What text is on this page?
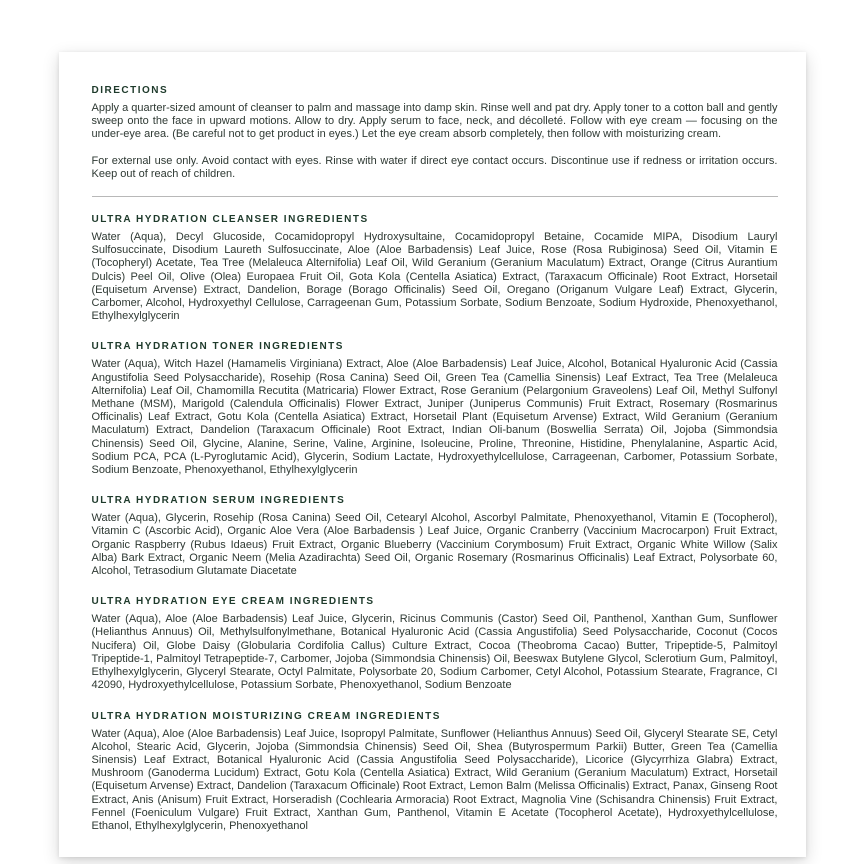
DIRECTIONS

Apply a quarter-sized amount of cleanser to palm and massage into damp skin. Rinse well and pat dry. Apply toner to a cotton ball and gently sweep onto the face in upward motions. Allow to dry. Apply serum to face, neck, and décolleté. Follow with eye cream — focusing on the under-eye area. (Be careful not to get product in eyes.) Let the eye cream absorb completely, then follow with moisturizing cream.

For external use only. Avoid contact with eyes. Rinse with water if direct eye contact occurs. Discontinue use if redness or irritation occurs. Keep out of reach of children.

ULTRA HYDRATION CLEANSER INGREDIENTS

Water (Aqua), Decyl Glucoside, Cocamidopropyl Hydroxysultaine, Cocamidopropyl Betaine, Cocamide MIPA, Disodium Lauryl Sulfosuccinate, Disodium Laureth Sulfosuccinate, Aloe (Aloe Barbadensis) Leaf Juice, Rose (Rosa Rubiginosa) Seed Oil, Vitamin E (Tocopheryl) Acetate, Tea Tree (Melaleuca Alternifolia) Leaf Oil, Wild Geranium (Geranium Maculatum) Extract, Orange (Citrus Aurantium Dulcis) Peel Oil, Olive (Olea) Europaea Fruit Oil, Gota Kola (Centella Asiatica) Extract, (Taraxacum Officinale) Root Extract, Horsetail (Equisetum Arvense) Extract, Dandelion, Borage (Borago Officinalis) Seed Oil, Oregano (Origanum Vulgare Leaf) Extract, Glycerin, Carbomer, Alcohol, Hydroxyethyl Cellulose, Carrageenan Gum, Potassium Sorbate, Sodium Benzoate, Sodium Hydroxide, Phenoxyethanol, Ethylhexylglycerin

ULTRA HYDRATION TONER INGREDIENTS

Water (Aqua), Witch Hazel (Hamamelis Virginiana) Extract, Aloe (Aloe Barbadensis) Leaf Juice, Alcohol, Botanical Hyaluronic Acid (Cassia Angustifolia Seed Polysaccharide), Rosehip (Rosa Canina) Seed Oil, Green Tea (Camellia Sinensis) Leaf Extract, Tea Tree (Melaleuca Alternifolia) Leaf Oil, Chamomilla Recutita (Matricaria) Flower Extract, Rose Geranium (Pelargonium Graveolens) Leaf Oil, Methyl Sulfonyl Methane (MSM), Marigold (Calendula Officinalis) Flower Extract, Juniper (Juniperus Communis) Fruit Extract, Rosemary (Rosmarinus Officinalis) Leaf Extract, Gotu Kola (Centella Asiatica) Extract, Horsetail Plant (Equisetum Arvense) Extract, Wild Geranium (Geranium Maculatum) Extract, Dandelion (Taraxacum Officinale) Root Extract, Indian Oli-banum (Boswellia Serrata) Oil, Jojoba (Simmondsia Chinensis) Seed Oil, Glycine, Alanine, Serine, Valine, Arginine, Isoleucine, Proline, Threonine, Histidine, Phenylalanine, Aspartic Acid, Sodium PCA, PCA (L-Pyroglutamic Acid), Glycerin, Sodium Lactate, Hydroxyethylcellulose, Carrageenan, Carbomer, Potassium Sorbate, Sodium Benzoate, Phenoxyethanol, Ethylhexylglycerin

ULTRA HYDRATION SERUM INGREDIENTS

Water (Aqua), Glycerin, Rosehip (Rosa Canina) Seed Oil, Cetearyl Alcohol, Ascorbyl Palmitate, Phenoxyethanol, Vitamin E (Tocopherol), Vitamin C (Ascorbic Acid), Organic Aloe Vera (Aloe Barbadensis ) Leaf Juice, Organic Cranberry (Vaccinium Macrocarpon) Fruit Extract, Organic Raspberry (Rubus Idaeus) Fruit Extract, Organic Blueberry (Vaccinium Corymbosum) Fruit Extract, Organic White Willow (Salix Alba) Bark Extract, Organic Neem (Melia Azadirachta) Seed Oil, Organic Rosemary (Rosmarinus Officinalis) Leaf Extract, Polysorbate 60, Alcohol, Tetrasodium Glutamate Diacetate

ULTRA HYDRATION EYE CREAM INGREDIENTS

Water (Aqua), Aloe (Aloe Barbadensis) Leaf Juice, Glycerin, Ricinus Communis (Castor) Seed Oil, Panthenol, Xanthan Gum, Sunflower (Helianthus Annuus) Oil, Methylsulfonylmethane, Botanical Hyaluronic Acid (Cassia Angustifolia) Seed Polysaccharide, Coconut (Cocos Nucifera) Oil, Globe Daisy (Globularia Cordifolia Callus) Culture Extract, Cocoa (Theobroma Cacao) Butter, Tripeptide-5, Palmitoyl Tripeptide-1, Palmitoyl Tetrapeptide-7, Carbomer, Jojoba (Simmondsia Chinensis) Oil, Beeswax Butylene Glycol, Sclerotium Gum, Palmitoyl, Ethylhexylglycerin, Glyceryl Stearate, Octyl Palmitate, Polysorbate 20, Sodium Carbomer, Cetyl Alcohol, Potassium Stearate, Fragrance, CI 42090, Hydroxyethylcellulose, Potassium Sorbate, Phenoxyethanol, Sodium Benzoate

ULTRA HYDRATION MOISTURIZING CREAM INGREDIENTS

Water (Aqua), Aloe (Aloe Barbadensis) Leaf Juice, Isopropyl Palmitate, Sunflower (Helianthus Annuus) Seed Oil, Glyceryl Stearate SE, Cetyl Alcohol, Stearic Acid, Glycerin, Jojoba (Simmondsia Chinensis) Seed Oil, Shea (Butyrospermum Parkii) Butter, Green Tea (Camellia Sinensis) Leaf Extract, Botanical Hyaluronic Acid (Cassia Angustifolia Seed Polysaccharide), Licorice (Glycyrrhiza Glabra) Extract, Mushroom (Ganoderma Lucidum) Extract, Gotu Kola (Centella Asiatica) Extract, Wild Geranium (Geranium Maculatum) Extract, Horsetail (Equisetum Arvense) Extract, Dandelion (Taraxacum Officinale) Root Extract, Lemon Balm (Melissa Officinalis) Extract, Panax, Ginseng Root Extract, Anis (Anisum) Fruit Extract, Horseradish (Cochlearia Armoracia) Root Extract, Magnolia Vine (Schisandra Chinensis) Fruit Extract, Fennel (Foeniculum Vulgare) Fruit Extract, Xanthan Gum, Panthenol, Vitamin E Acetate (Tocopherol Acetate), Hydroxyethylcellulose, Ethanol, Ethylhexylglycerin, Phenoxyethanol
